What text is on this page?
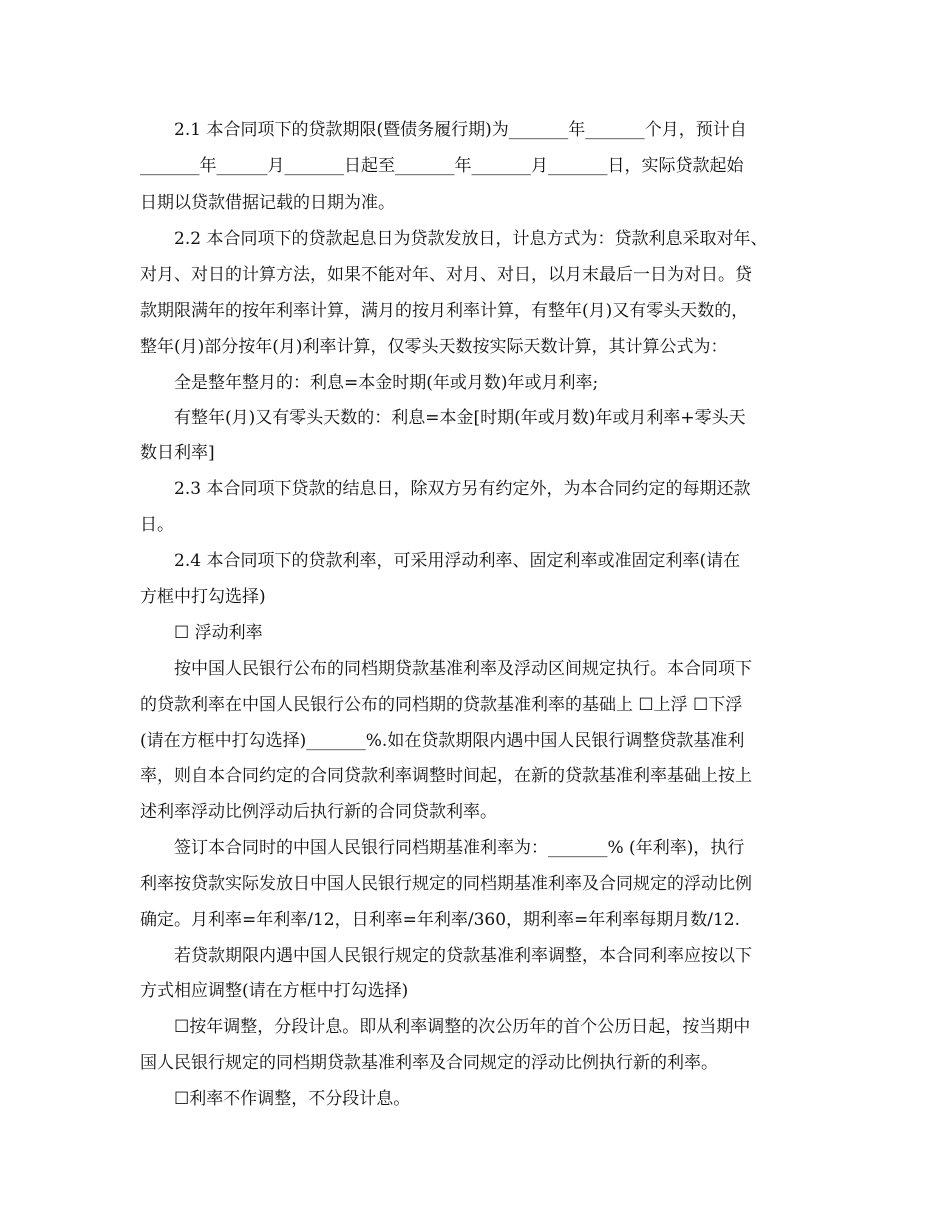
2.1 本合同项下的贷款期限(暨债务履行期)为_______年_______个月，预计自
_______年______月_______日起至_______年_______月_______日，实际贷款起始
日期以贷款借据记载的日期为准。
2.2 本合同项下的贷款起息日为贷款发放日，计息方式为：贷款利息采取对年、
对月、对日的计算方法，如果不能对年、对月、对日，以月末最后一日为对日。贷
款期限满年的按年利率计算，满月的按月利率计算，有整年(月)又有零头天数的，
整年(月)部分按年(月)利率计算，仅零头天数按实际天数计算，其计算公式为：
全是整年整月的：利息=本金时期(年或月数)年或月利率;
有整年(月)又有零头天数的：利息=本金[时期(年或月数)年或月利率+零头天
数日利率]
2.3 本合同项下贷款的结息日，除双方另有约定外，为本合同约定的每期还款
日。
2.4 本合同项下的贷款利率，可采用浮动利率、固定利率或准固定利率(请在
方框中打勾选择)
☐ 浮动利率
按中国人民银行公布的同档期贷款基准利率及浮动区间规定执行。本合同项下
的贷款利率在中国人民银行公布的同档期的贷款基准利率的基础上 ☐上浮 ☐下浮
(请在方框中打勾选择)_______%.如在贷款期限内遇中国人民银行调整贷款基准利
率，则自本合同约定的合同贷款利率调整时间起，在新的贷款基准利率基础上按上
述利率浮动比例浮动后执行新的合同贷款利率。
签订本合同时的中国人民银行同档期基准利率为：_______% (年利率)，执行
利率按贷款实际发放日中国人民银行规定的同档期基准利率及合同规定的浮动比例
确定。月利率=年利率/12，日利率=年利率/360，期利率=年利率每期月数/12.
若贷款期限内遇中国人民银行规定的贷款基准利率调整，本合同利率应按以下
方式相应调整(请在方框中打勾选择)
☐按年调整，分段计息。即从利率调整的次公历年的首个公历日起，按当期中
国人民银行规定的同档期贷款基准利率及合同规定的浮动比例执行新的利率。
☐利率不作调整，不分段计息。
